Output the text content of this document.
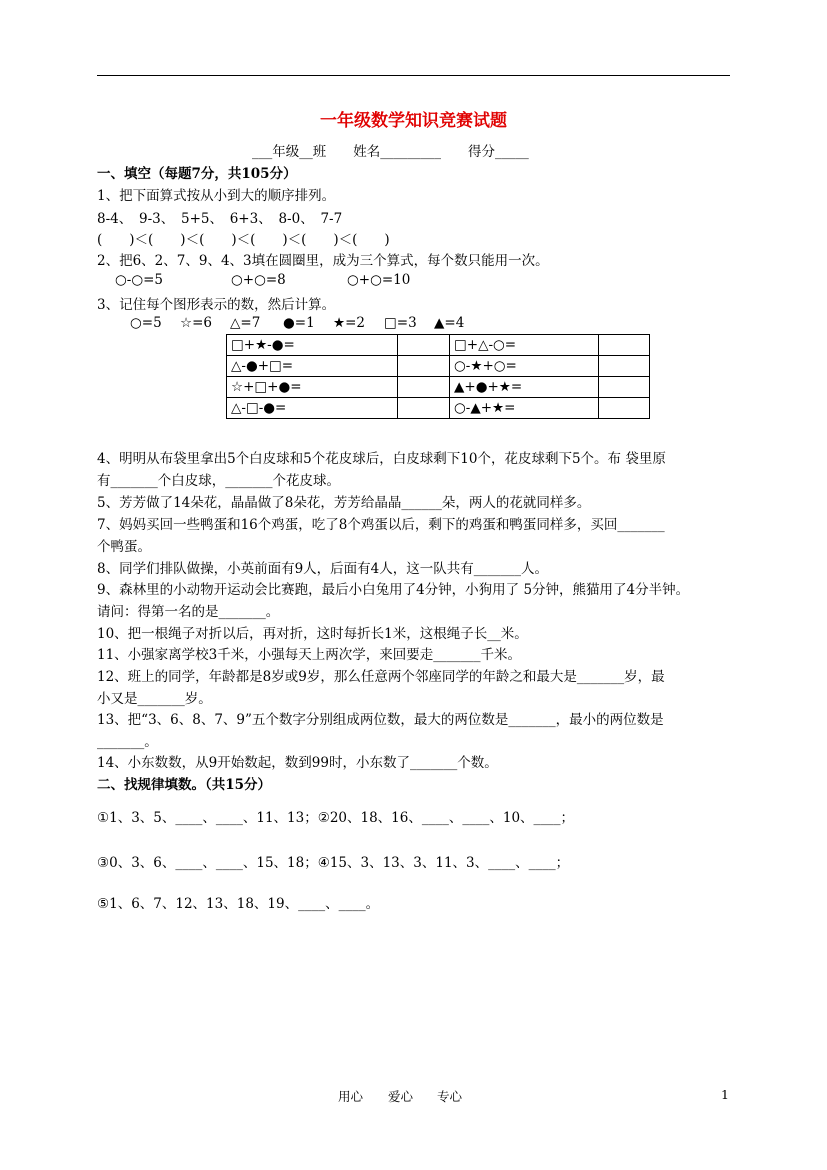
一年级数学知识竞赛试题
___年级__班　　姓名_________　　得分_____
一、填空（每题7分，共105分）
1、把下面算式按从小到大的顺序排列。
8-4、　9-3、　5+5、　6+3、　8-0、　7-7
(　　)＜(　　)＜(　　)＜(　　)＜(　　)＜(　　)
2、把6、2、7、9、4、3填在圆圈里，成为三个算式，每个数只能用一次。
○-○=5	○+○=8	○+○=10
3、记住每个图形表示的数，然后计算。
○=5 ☆=6 △=7 ●=1 ★=2 □=3 ▲=4
□+★-●=		□+△-○=	
△-●+□=		○-★+○=	
☆+□+●=		▲+●+★=	
△-□-●=		○-▲+★=	
4、明明从布袋里拿出5个白皮球和5个花皮球后，白皮球剩下10个，花皮球剩下5个。布 袋里原
有_______个白皮球，_______个花皮球。
5、芳芳做了14朵花，晶晶做了8朵花，芳芳给晶晶______朵，两人的花就同样多。
7、妈妈买回一些鸭蛋和16个鸡蛋，吃了8个鸡蛋以后，剩下的鸡蛋和鸭蛋同样多，买回_______
个鸭蛋。
8、同学们排队做操，小英前面有9人，后面有4人，这一队共有_______人。
9、森林里的小动物开运动会比赛跑，最后小白兔用了4分钟，小狗用了 5分钟，熊猫用了4分半钟。
请问：得第一名的是_______。
10、把一根绳子对折以后，再对折，这时每折长1米，这根绳子长__米。
11、小强家离学校3千米，小强每天上两次学，来回要走_______千米。
12、班上的同学，年龄都是8岁或9岁，那么任意两个邻座同学的年龄之和最大是_______岁，最
小又是_______岁。
13、把“3、6、8、7、9”五个数字分别组成两位数，最大的两位数是_______，最小的两位数是
_______。
14、小东数数，从9开始数起，数到99时，小东数了_______个数。
二、找规律填数。（共15分）
①1、3、5、____、____、11、13；②20、18、16、____、____、10、____；
③0、3、6、____、____、15、18；④15、3、13、3、11、3、____、____；
⑤1、6、7、12、13、18、19、____、____。
用心 爱心 专心	1
